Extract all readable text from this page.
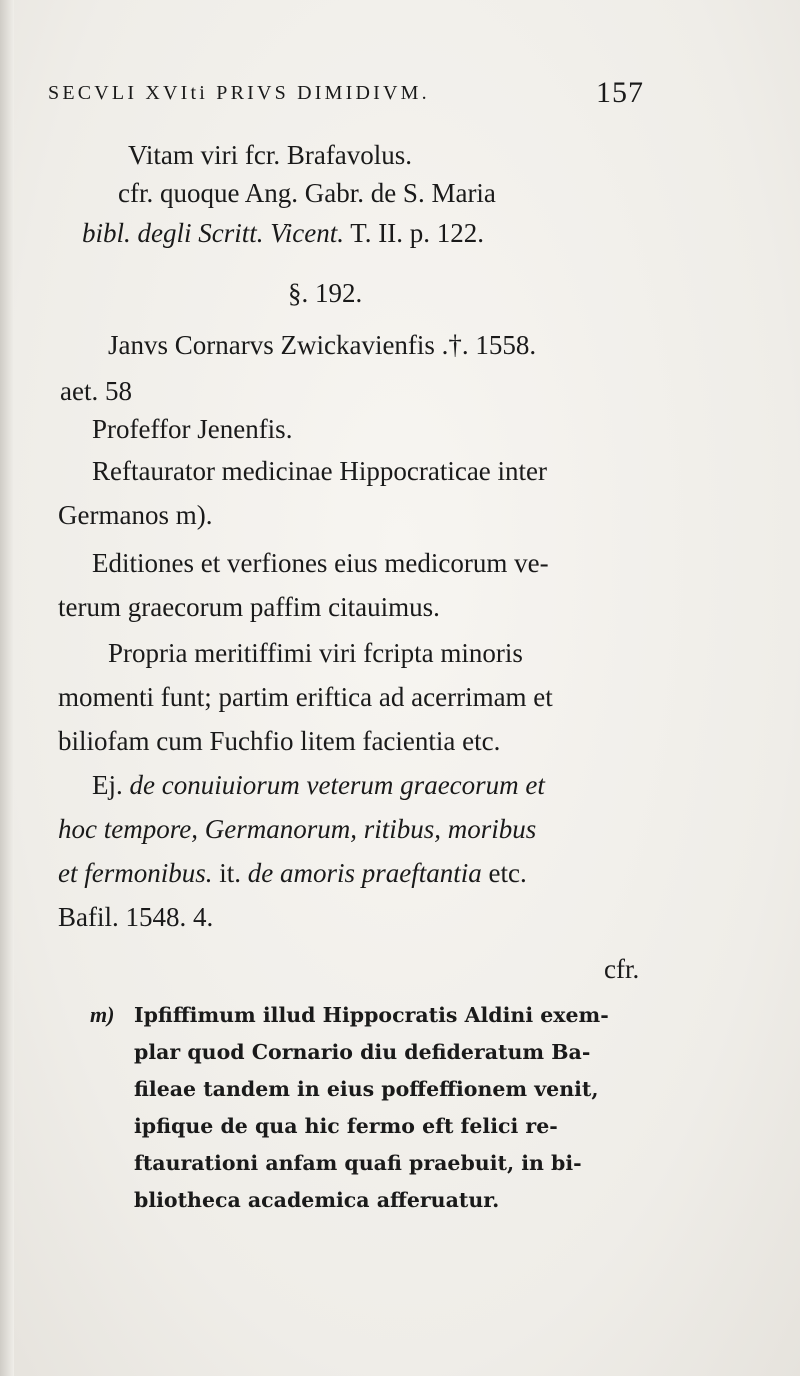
SECVLI XVIti PRIVS DIMIDIVM.	157
Vitam viri fcr. Brafavolus.
cfr. quoque Ang. Gabr. de S. Maria
bibl. degli Scritt. Vicent. T. II. p. 122.
§. 192.
Janvs Cornarvs Zwickavienfis .†. 1558.
aet. 58
Profeffor Jenenfis.
Reftaurator medicinae Hippocraticae inter
Germanos m).
Editiones et verfiones eius medicorum ve-
terum graecorum paffim citauimus.
Propria meritiffimi viri fcripta minoris
momenti funt; partim eriftica ad acerrimam et
biliofam cum Fuchfio litem facientia etc.
Ej. de conuiuiorum veterum graecorum et
hoc tempore, Germanorum, ritibus, moribus
et fermonibus. it. de amoris praeftantia etc.
Bafil. 1548. 4.
cfr.
m) Ipfiffimum illud Hippocratis Aldini exem-
plar quod Cornario diu defideratum Ba-
fileae tandem in eius poffeffionem venit,
ipfique de qua hic fermo eft felici re-
ftaurationi anfam quafi praebuit, in bi-
bliotheca academica afferuatur.
